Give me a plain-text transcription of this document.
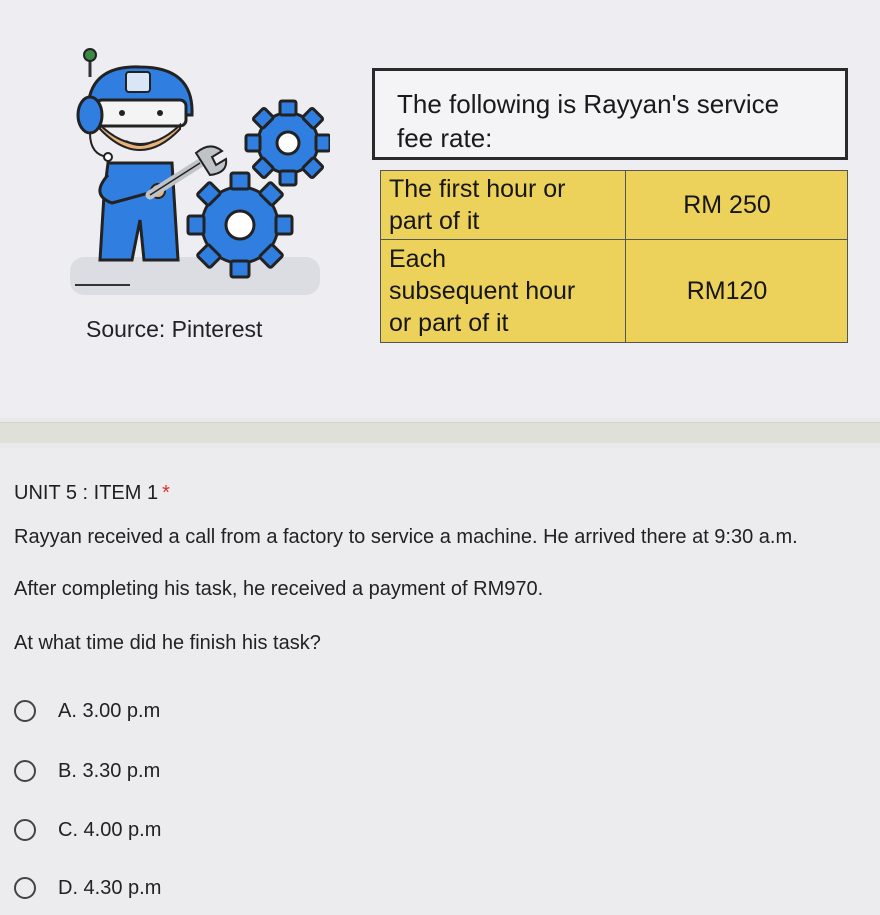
Source: Pinterest
The following is Rayyan's service
fee rate:
The first hour or
part of it	RM 250

Each
subsequent hour
or part of it	RM120
UNIT 5 : ITEM 1 *
Rayyan received a call from a factory to service a machine. He arrived there at 9:30 a.m.
After completing his task, he received a payment of RM970.
At what time did he finish his task?
A. 3.00 p.m
B. 3.30 p.m
C. 4.00 p.m
D. 4.30 p.m
